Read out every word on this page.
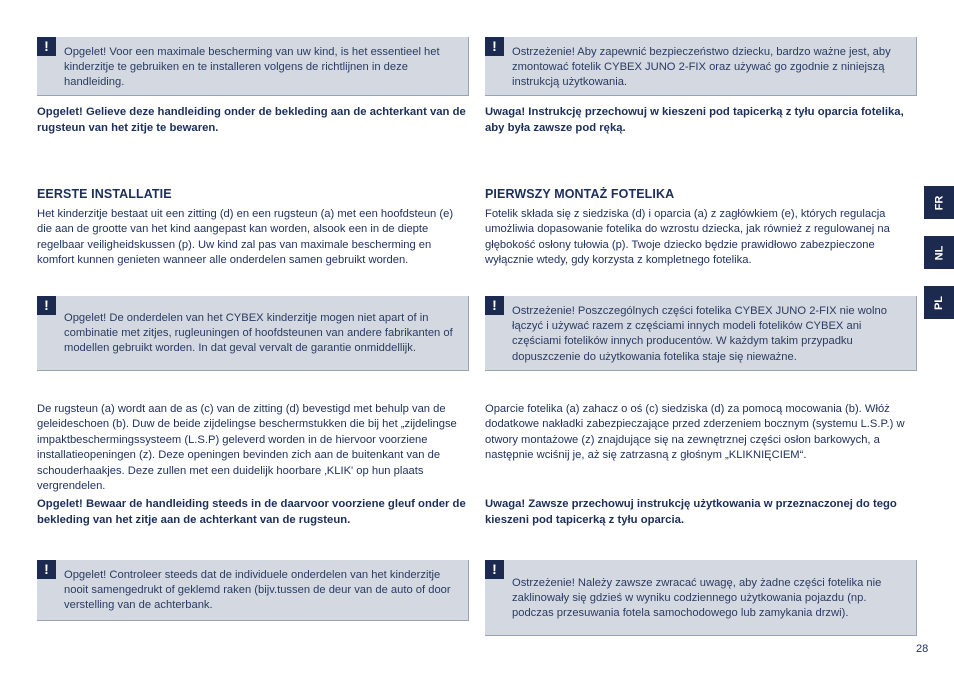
!	Opgelet! Voor een maximale bescherming van uw kind, is het essentieel het kinderzitje te gebruiken en te installeren volgens de richtlijnen in deze handleiding.
Opgelet! Gelieve deze handleiding onder de bekleding aan de achterkant van de rugsteun van het zitje te bewaren.
EERSTE INSTALLATIE
Het kinderzitje bestaat uit een zitting (d) en een rugsteun (a) met een hoofdsteun (e) die aan de grootte van het kind aangepast kan worden, alsook een in de diepte regelbaar veiligheidskussen (p). Uw kind zal pas van maximale bescherming en komfort kunnen genieten wanneer alle onderdelen samen gebruikt worden.
!
Opgelet! De onderdelen van het CYBEX kinderzitje mogen niet apart of in combinatie met zitjes, rugleuningen of hoofdsteunen van andere fabrikanten of modellen gebruikt worden. In dat geval vervalt de garantie onmiddellijk.
De rugsteun (a) wordt aan de as (c) van de zitting (d) bevestigd met behulp van de geleideschoen (b). Duw de beide zijdelingse beschermstukken die bij het „zijdelingse impaktbeschermingssysteem (L.S.P) geleverd worden in de hiervoor voorziene installatieopeningen (z). Deze openingen bevinden zich aan de buitenkant van de schouderhaakjes. Deze zullen met een duidelijk hoorbare ‚KLIK' op hun plaats vergrendelen.
Opgelet! Bewaar de handleiding steeds in de daarvoor voorziene gleuf onder de bekleding van het zitje aan de achterkant van de rugsteun.
!	Opgelet! Controleer steeds dat de individuele onderdelen van het kinderzitje nooit samengedrukt of geklemd raken (bijv.tussen de deur van de auto of door verstelling van de achterbank.
!	Ostrzeżenie! Aby zapewnić bezpieczeństwo dziecku, bardzo ważne jest, aby zmontować fotelik CYBEX JUNO 2-FIX oraz używać go zgodnie z niniejszą instrukcją użytkowania.
Uwaga! Instrukcję przechowuj w kieszeni pod tapicerką z tyłu oparcia fotelika, aby była zawsze pod ręką.
PIERWSZY MONTAŻ FOTELIKA
Fotelik składa się z siedziska (d) i oparcia (a) z zagłówkiem (e), których regulacja umożliwia dopasowanie fotelika do wzrostu dziecka, jak również z regulowanej na głębokość osłony tułowia (p). Twoje dziecko będzie prawidłowo zabezpieczone wyłącznie wtedy, gdy korzysta z kompletnego fotelika.
!	Ostrzeżenie! Poszczególnych części fotelika CYBEX JUNO 2-FIX nie wolno łączyć i używać razem z częściami innych modeli fotelików CYBEX ani częściami fotelików innych producentów. W każdym takim przypadku dopuszczenie do użytkowania fotelika staje się nieważne.
Oparcie fotelika (a) zahacz o oś (c) siedziska (d) za pomocą mocowania (b). Włóż dodatkowe nakładki zabezpieczające przed zderzeniem bocznym (systemu L.S.P.) w otwory montażowe (z) znajdujące się na zewnętrznej części osłon barkowych, a następnie wciśnij je, aż się zatrzasną z głośnym „KLIKNIĘCIEM“.
Uwaga! Zawsze przechowuj instrukcję użytkowania w przeznaczonej do tego kieszeni pod tapicerką z tyłu oparcia.
!
Ostrzeżenie! Należy zawsze zwracać uwagę, aby żadne części fotelika nie zaklinowały się gdzieś w wyniku codziennego użytkowania pojazdu (np. podczas przesuwania fotela samochodowego lub zamykania drzwi).
FR
NL
PL
28
